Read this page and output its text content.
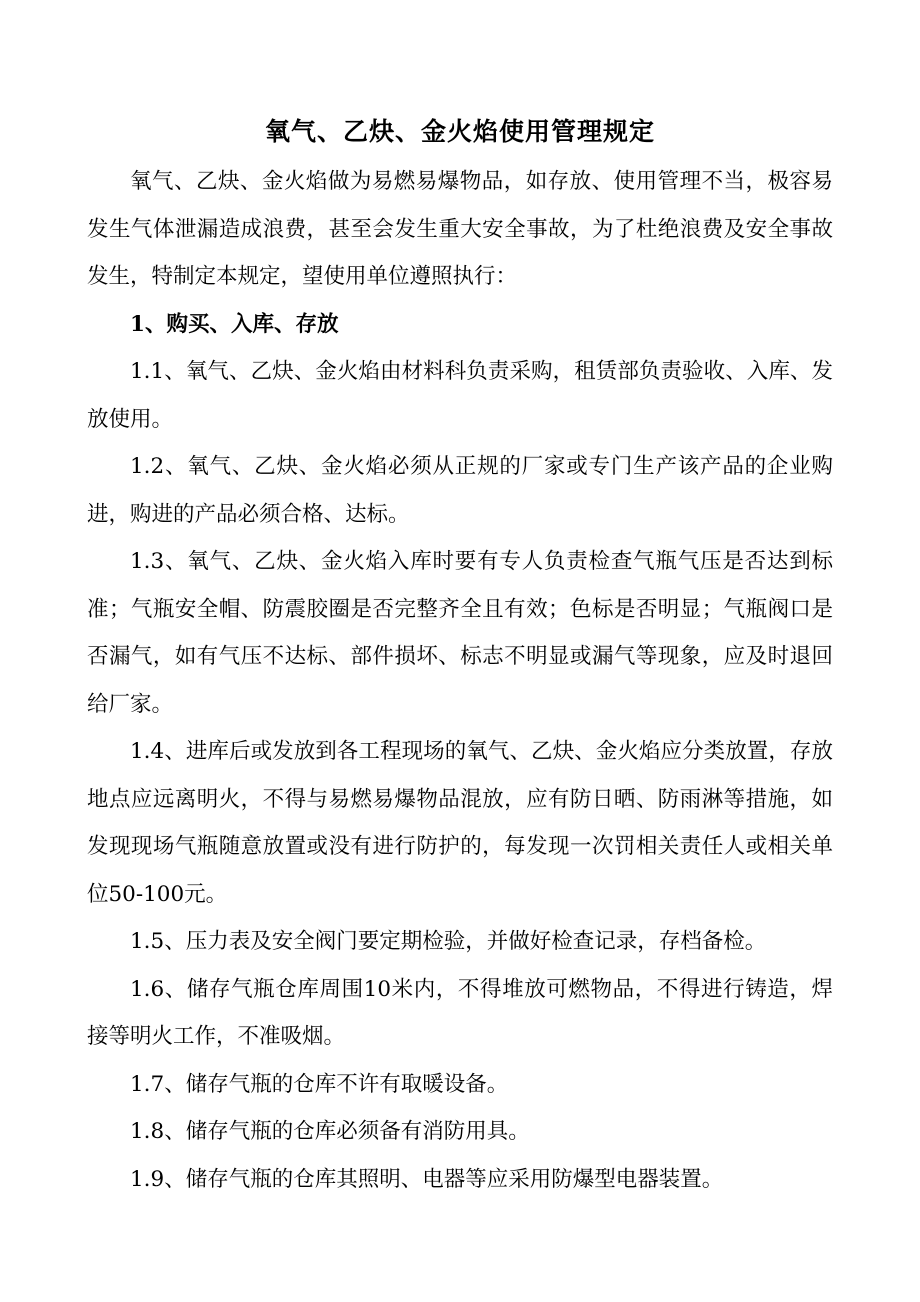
氧气、乙炔、金火焰使用管理规定

氧气、乙炔、金火焰做为易燃易爆物品，如存放、使用管理不当，极容易发生气体泄漏造成浪费，甚至会发生重大安全事故，为了杜绝浪费及安全事故发生，特制定本规定，望使用单位遵照执行：

1、购买、入库、存放

1.1、氧气、乙炔、金火焰由材料科负责采购，租赁部负责验收、入库、发放使用。

1.2、氧气、乙炔、金火焰必须从正规的厂家或专门生产该产品的企业购进，购进的产品必须合格、达标。

1.3、氧气、乙炔、金火焰入库时要有专人负责检查气瓶气压是否达到标准；气瓶安全帽、防震胶圈是否完整齐全且有效；色标是否明显；气瓶阀口是否漏气，如有气压不达标、部件损坏、标志不明显或漏气等现象，应及时退回给厂家。

1.4、进库后或发放到各工程现场的氧气、乙炔、金火焰应分类放置，存放地点应远离明火，不得与易燃易爆物品混放，应有防日晒、防雨淋等措施，如发现现场气瓶随意放置或没有进行防护的，每发现一次罚相关责任人或相关单位50-100元。

1.5、压力表及安全阀门要定期检验，并做好检查记录，存档备检。

1.6、储存气瓶仓库周围10米内，不得堆放可燃物品，不得进行铸造，焊接等明火工作，不准吸烟。

1.7、储存气瓶的仓库不许有取暖设备。

1.8、储存气瓶的仓库必须备有消防用具。

1.9、储存气瓶的仓库其照明、电器等应采用防爆型电器装置。
